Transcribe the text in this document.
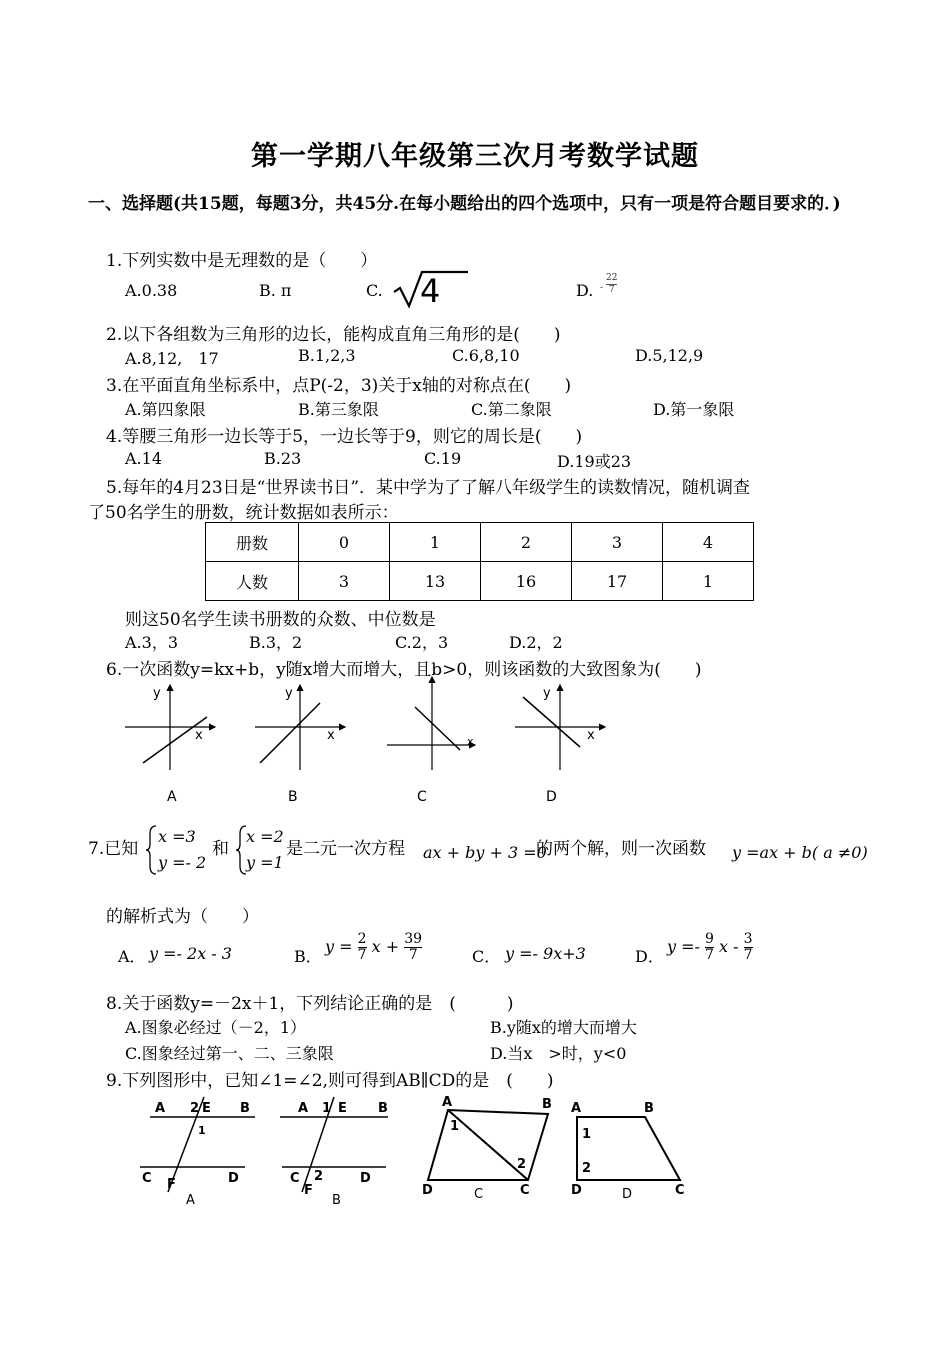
第一学期八年级第三次月考数学试题
一、选择题(共15题，每题3分，共45分.在每小题给出的四个选项中，只有一项是符合题目要求的．)
1.下列实数中是无理数的是（　　）
A.0.38	B. π	C. 4	D. -
22
7
2.以下各组数为三角形的边长，能构成直角三角形的是(　　)
A.8,12,　17	B.1,2,3	C.6,8,10	D.5,12,9
3.在平面直角坐标系中，点P(-2，3)关于x轴的对称点在(　　)
A.第四象限	B.第三象限	C.第二象限	D.第一象限
4.等腰三角形一边长等于5，一边长等于9，则它的周长是(　　)
A.14	B.23	C.19	D.19或23
5.每年的4月23日是“世界读书日”．某中学为了了解八年级学生的读数情况，随机调查
了50名学生的册数，统计数据如表所示：
册数	0	1	2	3	4
人数	3	13	16	17	1
则这50名学生读书册数的众数、中位数是
A.3，3	B.3，2	C.2，3	D.2，2
6.一次函数y=kx+b，y随x增大而增大，且b>0，则该函数的大致图象为(　　)
y
x
A
y
x
B
x
C
y
x
D
7.已知
x =3
y =- 2
和
x =2
y =1
是二元一次方程 ax + by + 3 =0
的两个解，则一次函数 y =ax + b( a ≠0)
的解析式为（　　）
A． y =- 2x - 3	B．
$y = \frac{2}{7}$ $x + \frac{39}{7}$	C． y =- 9x+3	D．
$y =- \frac{9}{7}$ x - $\frac{3}{7}$
8.关于函数y=－2x＋1，下列结论正确的是　(　　　)
A.图象必经过（－2，1）	B.y随x的增大而增大
C.图象经过第一、二、三象限	D.当x　>时，y<0
9.下列图形中，已知∠1=∠2,则可得到AB∥CD的是　(　　)
A 2 E B
1
C F	D
A
A 1 E B
C 2
F
D
B
A	B
1
2
D	C	C
A	B
1
2
D	D	C
